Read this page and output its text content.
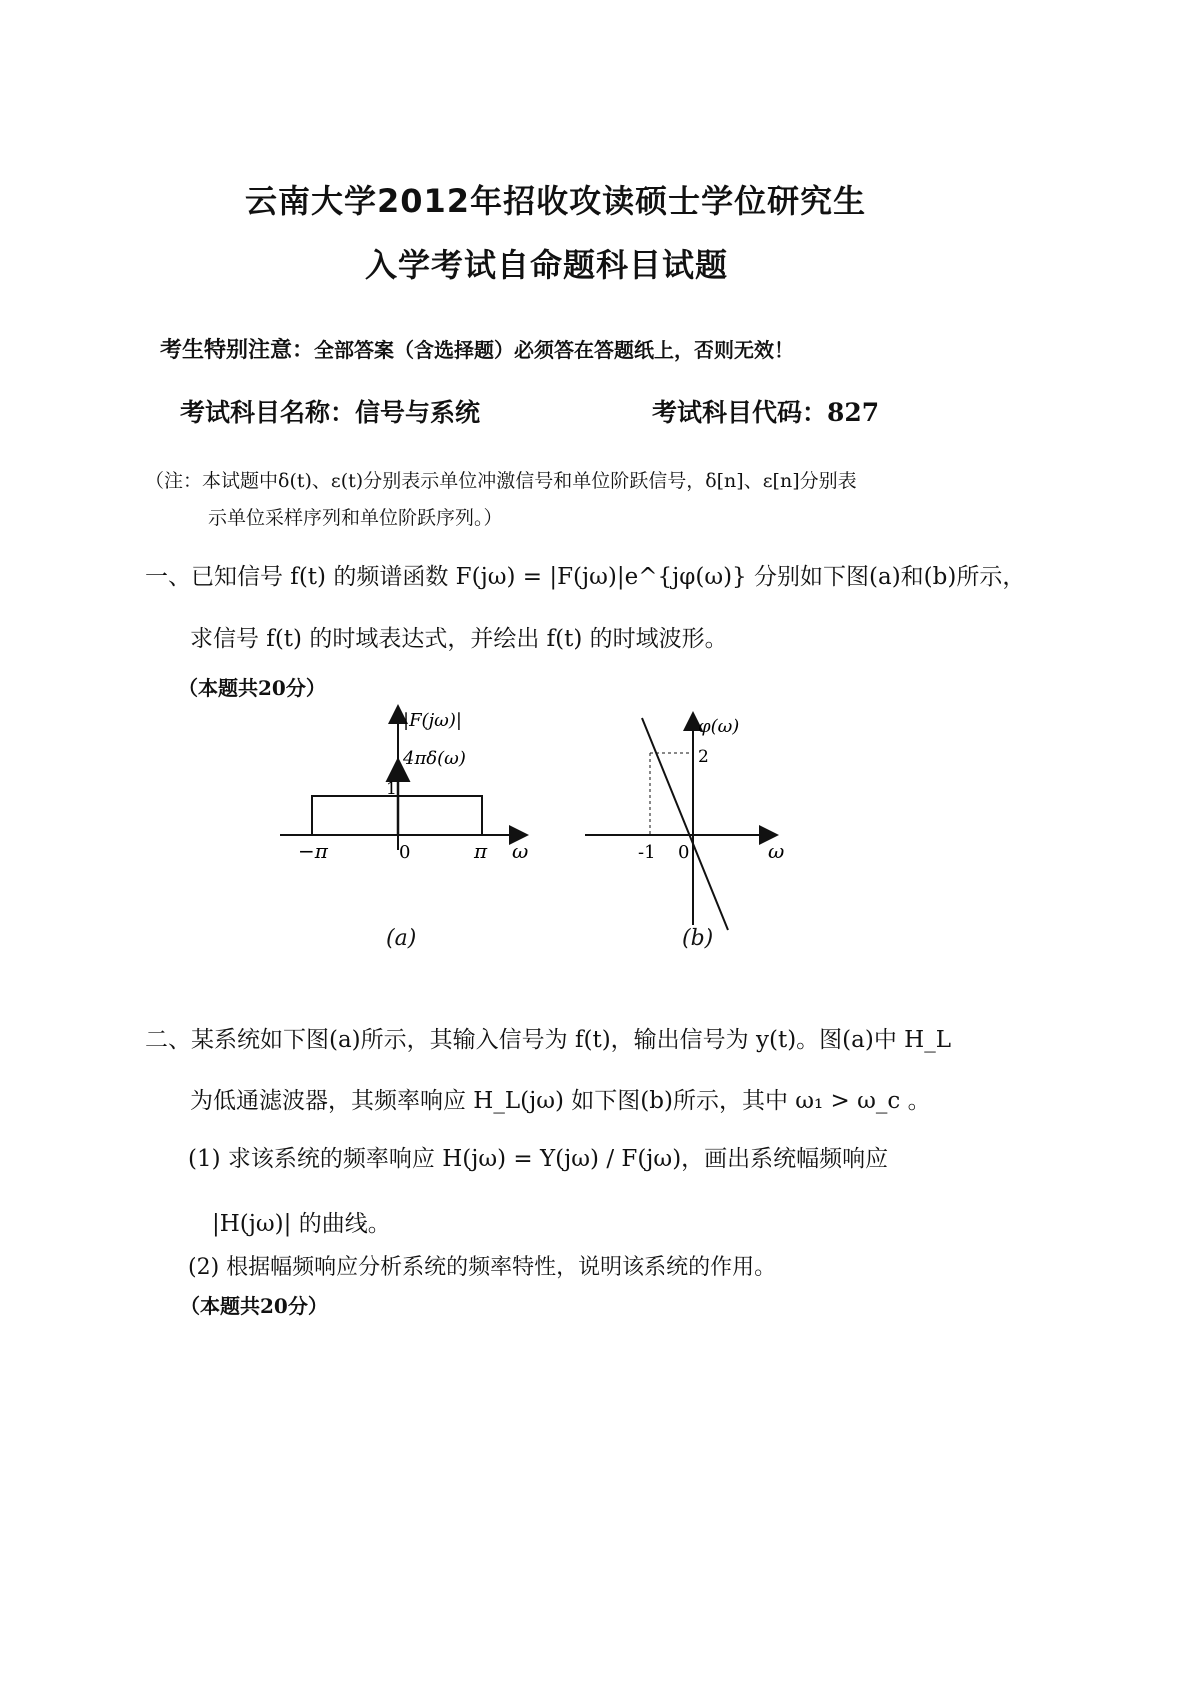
云南大学2012年招收攻读硕士学位研究生
入学考试自命题科目试题
考生特别注意：全部答案（含选择题）必须答在答题纸上，否则无效！
考试科目名称：信号与系统	考试科目代码：827
（注：本试题中δ(t)、ε(t)分别表示单位冲激信号和单位阶跃信号，δ[n]、ε[n]分别表
示单位采样序列和单位阶跃序列。）
一、已知信号 f(t) 的频谱函数 F(jω) = |F(jω)|e^{jφ(ω)} 分别如下图(a)和(b)所示，
求信号 f(t) 的时域表达式，并绘出 f(t) 的时域波形。
（本题共20分）
|F(jω)|
4πδ(ω)
1
−π	0	π ω
(a)
φ(ω)
2
-1 0	ω
(b)
二、某系统如下图(a)所示，其输入信号为 f(t)，输出信号为 y(t)。图(a)中 H_L
为低通滤波器，其频率响应 H_L(jω) 如下图(b)所示，其中 ω₁ > ω_c 。
(1) 求该系统的频率响应 H(jω) = Y(jω) / F(jω)，画出系统幅频响应
|H(jω)| 的曲线。
(2) 根据幅频响应分析系统的频率特性，说明该系统的作用。
（本题共20分）
